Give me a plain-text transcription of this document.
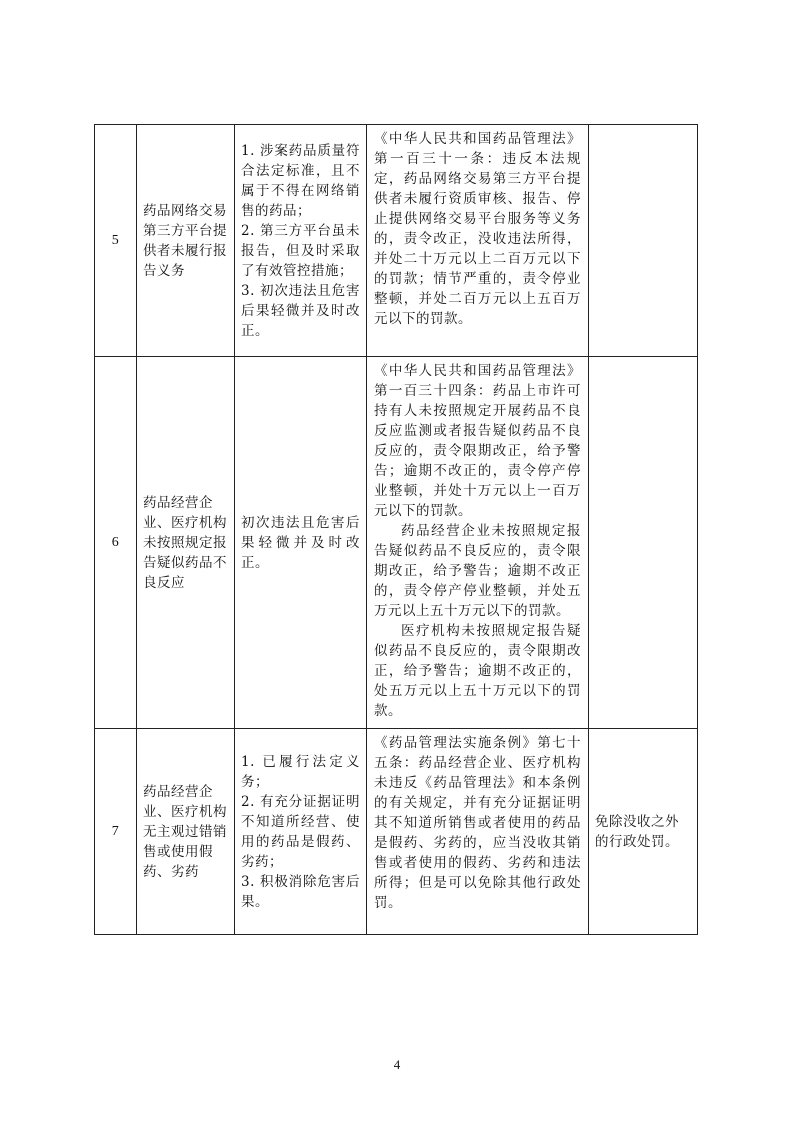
5	药品网络交易第三方平台提供者未履行报告义务	1. 涉案药品质量符合法定标准，且不属于不得在网络销售的药品；
2. 第三方平台虽未报告，但及时采取了有效管控措施；
3. 初次违法且危害后果轻微并及时改正。	《中华人民共和国药品管理法》第一百三十一条：违反本法规定，药品网络交易第三方平台提供者未履行资质审核、报告、停止提供网络交易平台服务等义务的，责令改正，没收违法所得，并处二十万元以上二百万元以下的罚款；情节严重的，责令停业整顿，并处二百万元以上五百万元以下的罚款。	

6	药品经营企业、医疗机构未按照规定报告疑似药品不良反应	初次违法且危害后果轻微并及时改正。	《中华人民共和国药品管理法》第一百三十四条：药品上市许可持有人未按照规定开展药品不良反应监测或者报告疑似药品不良反应的，责令限期改正，给予警告；逾期不改正的，责令停产停业整顿，并处十万元以上一百万元以下的罚款。
药品经营企业未按照规定报告疑似药品不良反应的，责令限期改正，给予警告；逾期不改正的，责令停产停业整顿，并处五万元以上五十万元以下的罚款。
医疗机构未按照规定报告疑似药品不良反应的，责令限期改正，给予警告；逾期不改正的，处五万元以上五十万元以下的罚款。	

7	药品经营企业、医疗机构无主观过错销售或使用假药、劣药	1. 已履行法定义务；
2. 有充分证据证明不知道所经营、使用的药品是假药、劣药；
3. 积极消除危害后果。	《药品管理法实施条例》第七十五条：药品经营企业、医疗机构未违反《药品管理法》和本条例的有关规定，并有充分证据证明其不知道所销售或者使用的药品是假药、劣药的，应当没收其销售或者使用的假药、劣药和违法所得；但是可以免除其他行政处罚。	免除没收之外的行政处罚。
4
